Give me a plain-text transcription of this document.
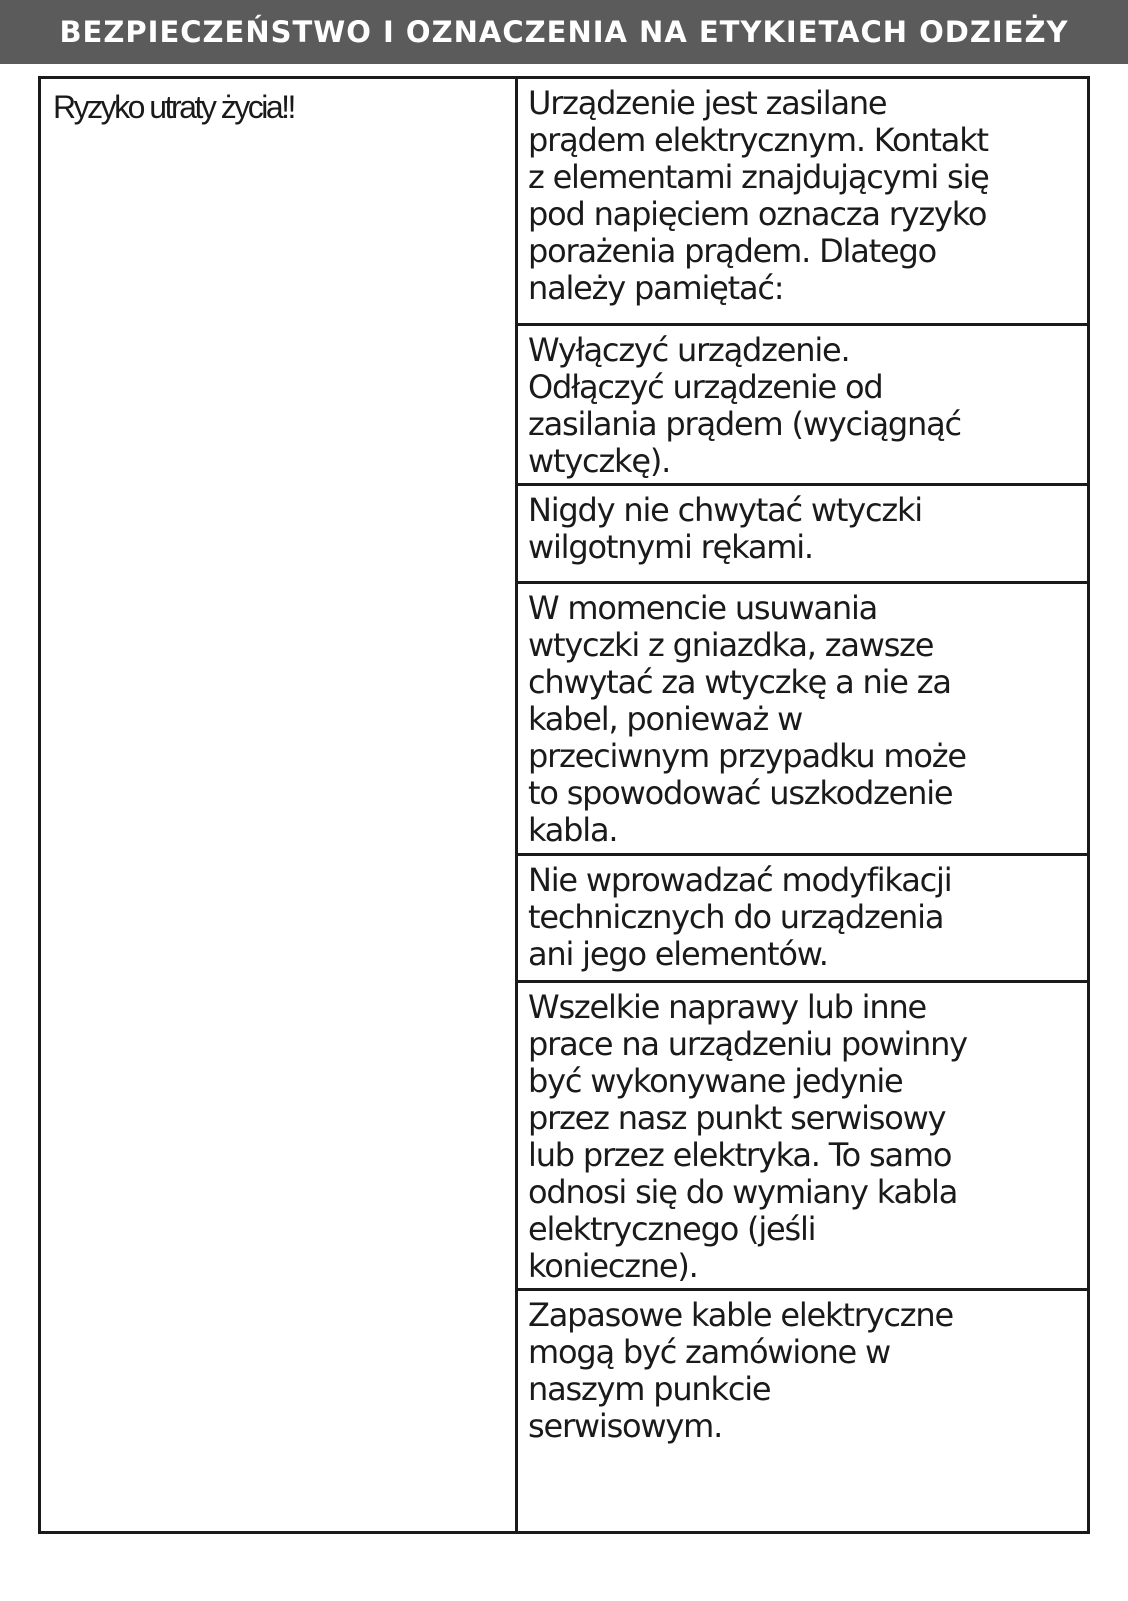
BEZPIECZEŃSTWO I OZNACZENIA NA ETYKIETACH ODZIEŻY
Ryzyko utraty życia!!	Urządzenie jest zasilane
prądem elektrycznym. Kontakt
z elementami znajdującymi się
pod napięciem oznacza ryzyko
porażenia prądem. Dlatego
należy pamiętać:
Wyłączyć urządzenie.
Odłączyć urządzenie od
zasilania prądem (wyciągnąć
wtyczkę).
Nigdy nie chwytać wtyczki
wilgotnymi rękami.
W momencie usuwania
wtyczki z gniazdka, zawsze
chwytać za wtyczkę a nie za
kabel, ponieważ w
przeciwnym przypadku może
to spowodować uszkodzenie
kabla.
Nie wprowadzać modyfikacji
technicznych do urządzenia
ani jego elementów.
Wszelkie naprawy lub inne
prace na urządzeniu powinny
być wykonywane jedynie
przez nasz punkt serwisowy
lub przez elektryka. To samo
odnosi się do wymiany kabla
elektrycznego (jeśli
konieczne).
Zapasowe kable elektryczne
mogą być zamówione w
naszym punkcie
serwisowym.
